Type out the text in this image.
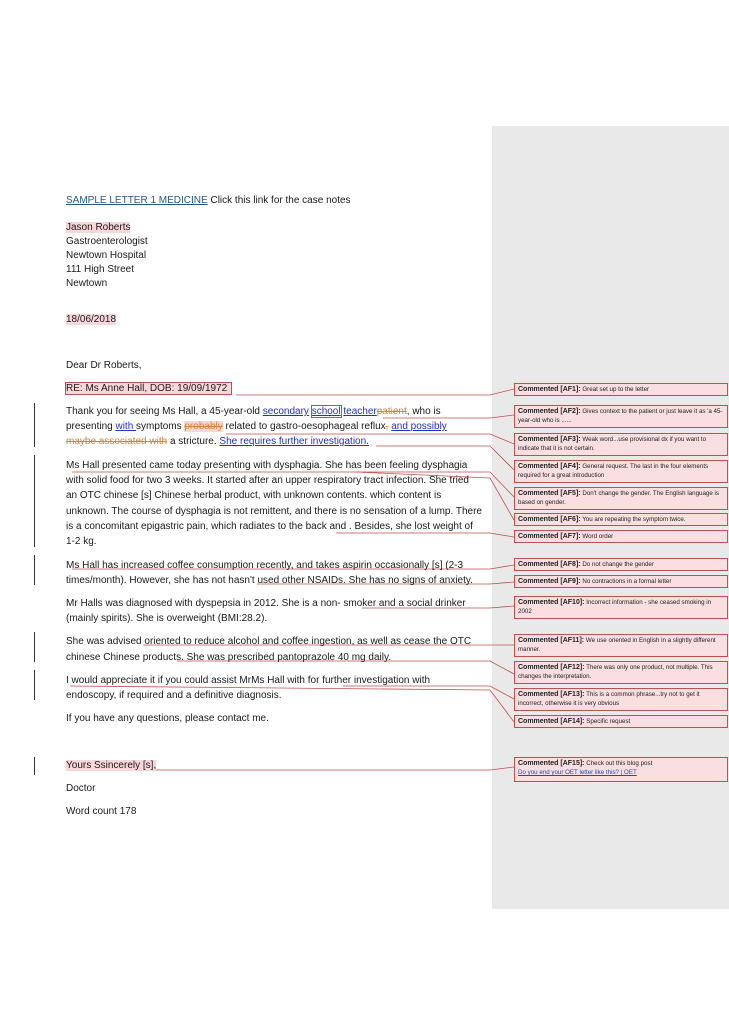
SAMPLE LETTER 1 MEDICINE Click this link for the case notes
Jason Roberts
Gastroenterologist
Newtown Hospital
111 High Street
Newtown
18/06/2018
Dear Dr Roberts,
RE: Ms Anne Hall, DOB: 19/09/1972
Thank you for seeing Ms Hall, a 45-year-old secondary school teacherpatient, who is
presenting with symptoms probably related to gastro-oesophageal reflux, and possibly
maybe associated with a stricture. She requires further investigation.
Ms Hall presented came today presenting with dysphagia. She has been feeling dysphagia
with solid food for two 3 weeks. It started after an upper respiratory tract infection. She tried
an OTC chinese [s] Chinese herbal product, with unknown contents. which content is
unknown. The course of dysphagia is not remittent, and there is no sensation of a lump. There
is a concomitant epigastric pain, which radiates to the back and . Besides, she lost weight of
1-2 kg.
Ms Hall has increased coffee consumption recently, and takes aspirin occasionally [s] (2-3
times/month). However, she has not hasn't used other NSAIDs. She has no signs of anxiety.
Mr Halls was diagnosed with dyspepsia in 2012. She is a non- smoker and a social drinker
(mainly spirits). She is overweight (BMI:28.2).
She was advised oriented to reduce alcohol and coffee ingestion, as well as cease the OTC
chinese Chinese products. She was prescribed pantoprazole 40 mg daily.
I would appreciate it if you could assist MrMs Hall with for further investigation with
endoscopy, if required and a definitive diagnosis.
If you have any questions, please contact me.
Yours Ssincerely [s],
Doctor
Word count 178
Commented [AF1]: Great set up to the letter
Commented [AF2]: Gives context to the patient or just leave it as 'a 45-year-old who is ......
Commented [AF3]: Weak word...use provisional dx if you want to indicate that it is not certain.
Commented [AF4]: General request. The last in the four elements required for a great introduction
Commented [AF5]: Don't change the gender. The English language is based on gender.
Commented [AF6]: You are repeating the symptom twice.
Commented [AF7]: Word order
Commented [AF8]: Do not change the gender
Commented [AF9]: No contractions in a formal letter
Commented [AF10]: Incorrect information - she ceased smoking in 2002
Commented [AF11]: We use oriented in English in a slightly different manner.
Commented [AF12]: There was only one product, not multiple. This changes the interpretation.
Commented [AF13]: This is a common phrase...try not to get it incorrect, otherwise it is very obvious
Commented [AF14]: Specific request
Commented [AF15]: Check out this blog post
Do you end your OET letter like this? | OET
